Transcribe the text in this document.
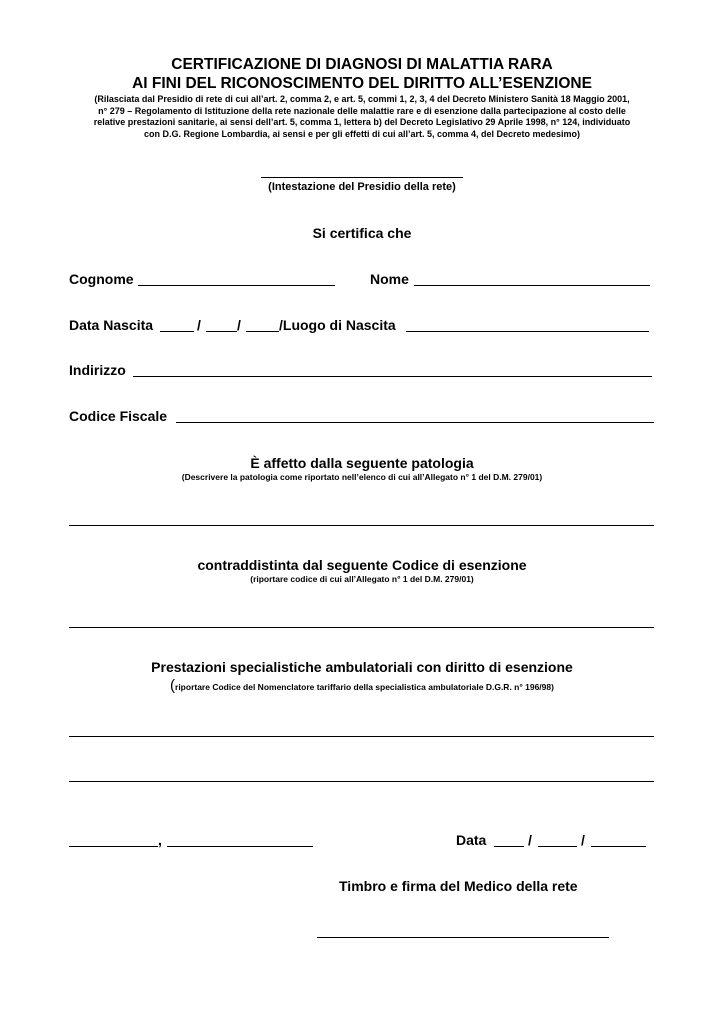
CERTIFICAZIONE DI DIAGNOSI DI MALATTIA RARA
AI FINI DEL RICONOSCIMENTO DEL DIRITTO ALL’ESENZIONE
(Rilasciata dal Presidio di rete di cui all’art. 2, comma 2, e art. 5, commi 1, 2, 3, 4 del Decreto Ministero Sanità 18 Maggio 2001,
n° 279 – Regolamento di Istituzione della rete nazionale delle malattie rare e di esenzione dalla partecipazione al costo delle
relative prestazioni sanitarie, ai sensi dell’art. 5, comma 1, lettera b) del Decreto Legislativo 29 Aprile 1998, n° 124, individuato
con D.G. Regione Lombardia, ai sensi e per gli effetti di cui all’art. 5, comma 4, del Decreto medesimo)
(Intestazione del Presidio della rete)
Si certifica che
Cognome	Nome
Data Nascita	/	/	/Luogo di Nascita
Indirizzo
Codice Fiscale
È affetto dalla seguente patologia
(Descrivere la patologia come riportato nell’elenco di cui all’Allegato n° 1 del D.M. 279/01)
contraddistinta dal seguente Codice di esenzione
(riportare codice di cui all’Allegato n° 1 del D.M. 279/01)
Prestazioni specialistiche ambulatoriali con diritto di esenzione
(riportare Codice del Nomenclatore tariffario della specialistica ambulatoriale D.G.R. n° 196/98)
,	Data	/	/
Timbro e firma del Medico della rete
